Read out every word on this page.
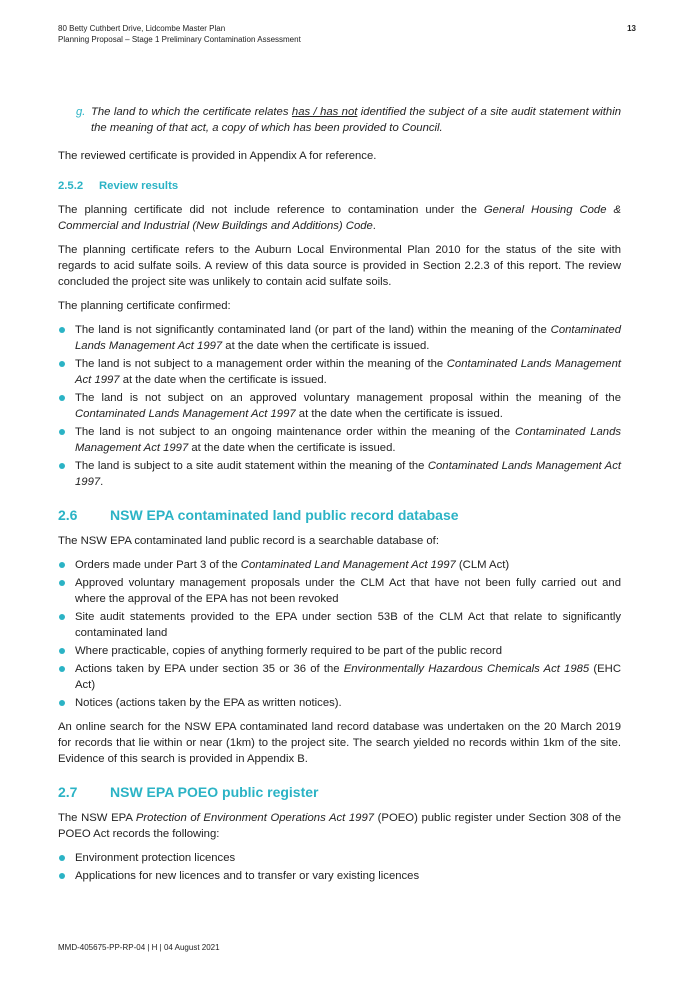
80 Betty Cuthbert Drive, Lidcombe Master Plan
Planning Proposal – Stage 1 Preliminary Contamination Assessment
13
g. The land to which the certificate relates has / has not identified the subject of a site audit statement within the meaning of that act, a copy of which has been provided to Council.

The reviewed certificate is provided in Appendix A for reference.

2.5.2 Review results

The planning certificate did not include reference to contamination under the General Housing Code & Commercial and Industrial (New Buildings and Additions) Code.

The planning certificate refers to the Auburn Local Environmental Plan 2010 for the status of the site with regards to acid sulfate soils. A review of this data source is provided in Section 2.2.3 of this report. The review concluded the project site was unlikely to contain acid sulfate soils.

The planning certificate confirmed:

The land is not significantly contaminated land (or part of the land) within the meaning of the Contaminated Lands Management Act 1997 at the date when the certificate is issued.
The land is not subject to a management order within the meaning of the Contaminated Lands Management Act 1997 at the date when the certificate is issued.
The land is not subject on an approved voluntary management proposal within the meaning of the Contaminated Lands Management Act 1997 at the date when the certificate is issued.
The land is not subject to an ongoing maintenance order within the meaning of the Contaminated Lands Management Act 1997 at the date when the certificate is issued.
The land is subject to a site audit statement within the meaning of the Contaminated Lands Management Act 1997.
2.6 NSW EPA contaminated land public record database

The NSW EPA contaminated land public record is a searchable database of:

Orders made under Part 3 of the Contaminated Land Management Act 1997 (CLM Act)
Approved voluntary management proposals under the CLM Act that have not been fully carried out and where the approval of the EPA has not been revoked
Site audit statements provided to the EPA under section 53B of the CLM Act that relate to significantly contaminated land
Where practicable, copies of anything formerly required to be part of the public record
Actions taken by EPA under section 35 or 36 of the Environmentally Hazardous Chemicals Act 1985 (EHC Act)
Notices (actions taken by the EPA as written notices).

An online search for the NSW EPA contaminated land record database was undertaken on the 20 March 2019 for records that lie within or near (1km) to the project site. The search yielded no records within 1km of the site. Evidence of this search is provided in Appendix B.

2.7 NSW EPA POEO public register

The NSW EPA Protection of Environment Operations Act 1997 (POEO) public register under Section 308 of the POEO Act records the following:

Environment protection licences
Applications for new licences and to transfer or vary existing licences
MMD-405675-PP-RP-04 | H | 04 August 2021
